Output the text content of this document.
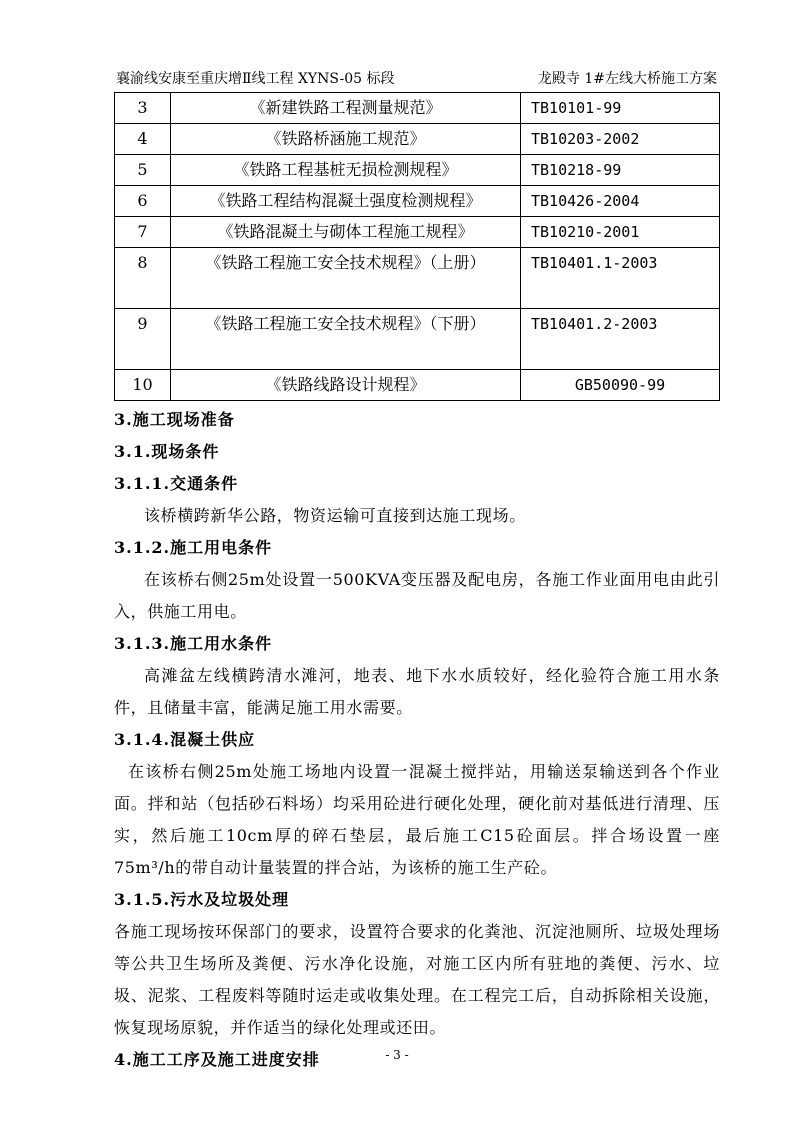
襄渝线安康至重庆增Ⅱ线工程 XYNS-05 标段	龙殿寺 1#左线大桥施工方案
3	《新建铁路工程测量规范》	TB10101-99
4	《铁路桥涵施工规范》	TB10203-2002
5	《铁路工程基桩无损检测规程》	TB10218-99
6	《铁路工程结构混凝土强度检测规程》	TB10426-2004
7	《铁路混凝土与砌体工程施工规程》	TB10210-2001
8	《铁路工程施工安全技术规程》（上册）	TB10401.1-2003
9	《铁路工程施工安全技术规程》（下册）	TB10401.2-2003
10	《铁路线路设计规程》	GB50090-99
3.施工现场准备
3.1.现场条件
3.1.1.交通条件
该桥横跨新华公路，物资运输可直接到达施工现场。
3.1.2.施工用电条件
在该桥右侧25m处设置一500KVA变压器及配电房，各施工作业面用电由此引入，供施工用电。
3.1.3.施工用水条件
高滩盆左线横跨清水滩河，地表、地下水水质较好，经化验符合施工用水条件，且储量丰富，能满足施工用水需要。
3.1.4.混凝土供应
在该桥右侧25m处施工场地内设置一混凝土搅拌站，用输送泵输送到各个作业面。拌和站（包括砂石料场）均采用砼进行硬化处理，硬化前对基低进行清理、压实，然后施工10cm厚的碎石垫层，最后施工C15砼面层。拌合场设置一座75m³/h的带自动计量装置的拌合站，为该桥的施工生产砼。
3.1.5.污水及垃圾处理
各施工现场按环保部门的要求，设置符合要求的化粪池、沉淀池厕所、垃圾处理场等公共卫生场所及粪便、污水净化设施，对施工区内所有驻地的粪便、污水、垃圾、泥浆、工程废料等随时运走或收集处理。在工程完工后，自动拆除相关设施，恢复现场原貌，并作适当的绿化处理或还田。
4.施工工序及施工进度安排	- 3 -
